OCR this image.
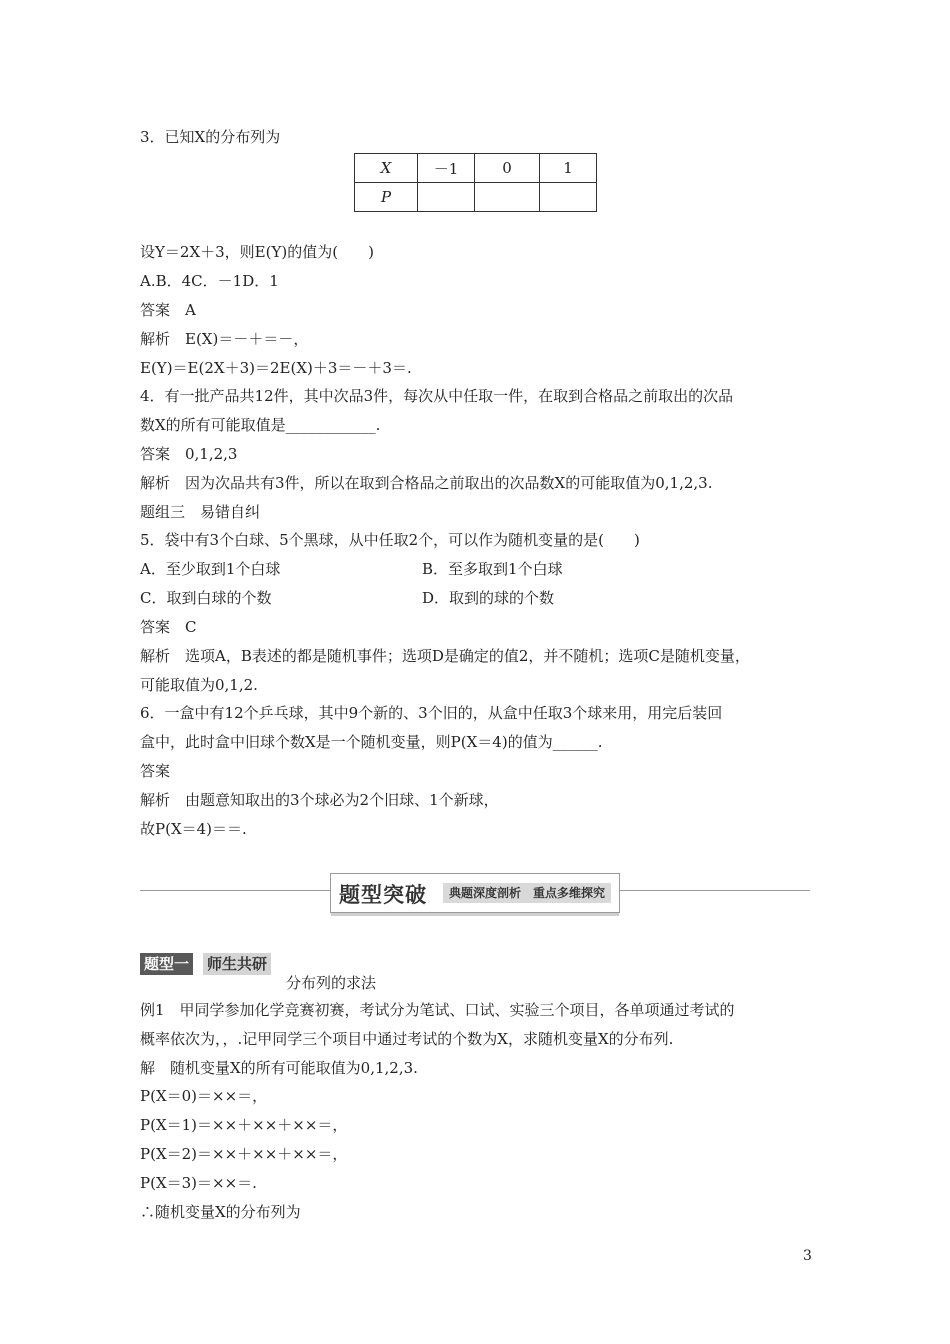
3．已知X的分布列为
X	－1	0	1
P			
设Y＝2X＋3，则E(Y)的值为(　　)
A.B．4C．－1D．1
答案　A
解析　E(X)＝－＋＝－，
E(Y)＝E(2X＋3)＝2E(X)＋3＝－＋3＝.
4．有一批产品共12件，其中次品3件，每次从中任取一件，在取到合格品之前取出的次品
数X的所有可能取值是____________.
答案　0,1,2,3
解析　因为次品共有3件，所以在取到合格品之前取出的次品数X的可能取值为0,1,2,3.
题组三　易错自纠
5．袋中有3个白球、5个黑球，从中任取2个，可以作为随机变量的是(　　)
A．至少取到1个白球	B．至多取到1个白球
C．取到白球的个数	D．取到的球的个数
答案　C
解析　选项A，B表述的都是随机事件；选项D是确定的值2，并不随机；选项C是随机变量，
可能取值为0,1,2.
6．一盒中有12个乒乓球，其中9个新的、3个旧的，从盒中任取3个球来用，用完后装回
盒中，此时盒中旧球个数X是一个随机变量，则P(X＝4)的值为______.
答案
解析　由题意知取出的3个球必为2个旧球、1个新球，
故P(X＝4)＝＝.
题型突破	典题深度剖析　重点多维探究
题型一 师生共研
分布列的求法
例1　甲同学参加化学竞赛初赛，考试分为笔试、口试、实验三个项目，各单项通过考试的
概率依次为，，.记甲同学三个项目中通过考试的个数为X，求随机变量X的分布列.
解　随机变量X的所有可能取值为0,1,2,3.
P(X＝0)＝××＝，
P(X＝1)＝××＋××＋××＝，
P(X＝2)＝××＋××＋××＝，
P(X＝3)＝××＝.
∴随机变量X的分布列为
3
